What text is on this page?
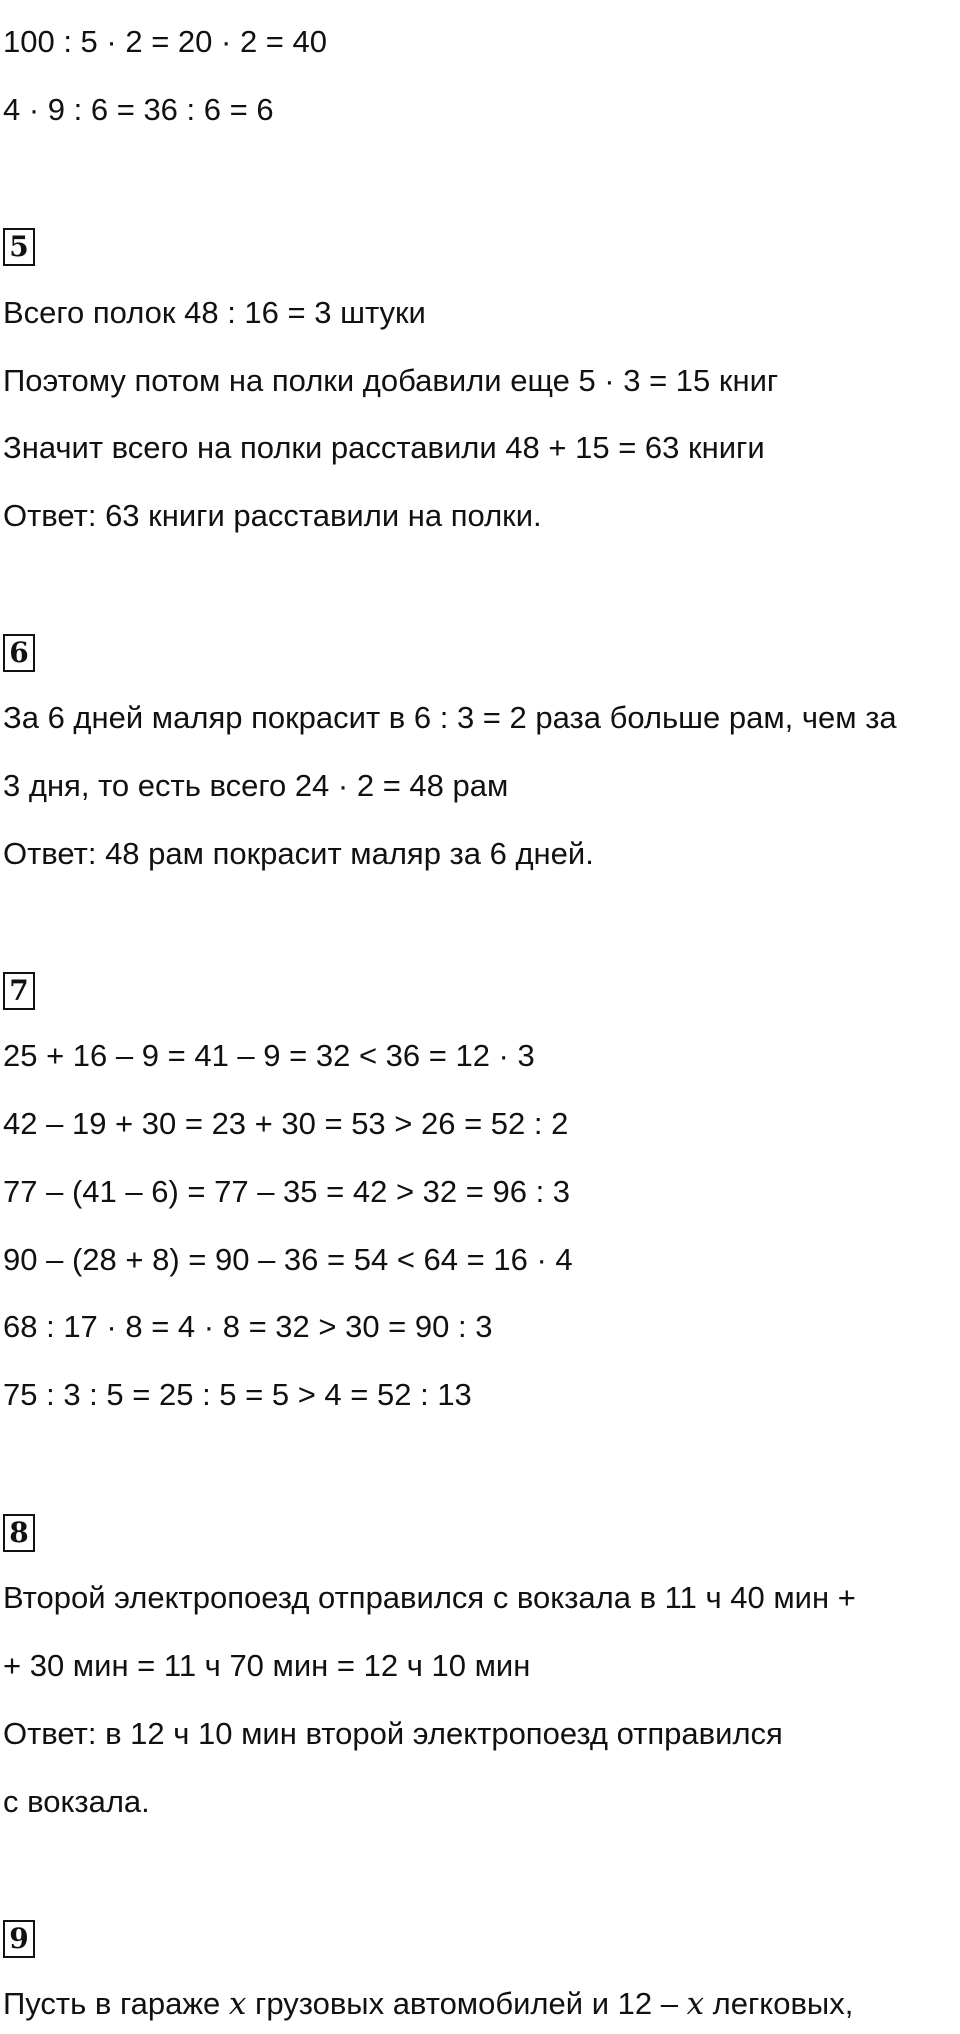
100 : 5 · 2 = 20 · 2 = 40
4 · 9 : 6 = 36 : 6 = 6
5
Всего полок 48 : 16 = 3 штуки
Поэтому потом на полки добавили еще 5 · 3 = 15 книг
Значит всего на полки расставили 48 + 15 = 63 книги
Ответ: 63 книги расставили на полки.
6
За 6 дней маляр покрасит в 6 : 3 = 2 раза больше рам, чем за
3 дня, то есть всего 24 · 2 = 48 рам
Ответ: 48 рам покрасит маляр за 6 дней.
7
25 + 16 – 9 = 41 – 9 = 32 < 36 = 12 · 3
42 – 19 + 30 = 23 + 30 = 53 > 26 = 52 : 2
77 – (41 – 6) = 77 – 35 = 42 > 32 = 96 : 3
90 – (28 + 8) = 90 – 36 = 54 < 64 = 16 · 4
68 : 17 · 8 = 4 · 8 = 32 > 30 = 90 : 3
75 : 3 : 5 = 25 : 5 = 5 > 4 = 52 : 13
8
Второй электропоезд отправился с вокзала в 11 ч 40 мин +
+ 30 мин = 11 ч 70 мин = 12 ч 10 мин
Ответ: в 12 ч 10 мин второй электропоезд отправился
с вокзала.
9
Пусть в гараже x грузовых автомобилей и 12 – x легковых,
